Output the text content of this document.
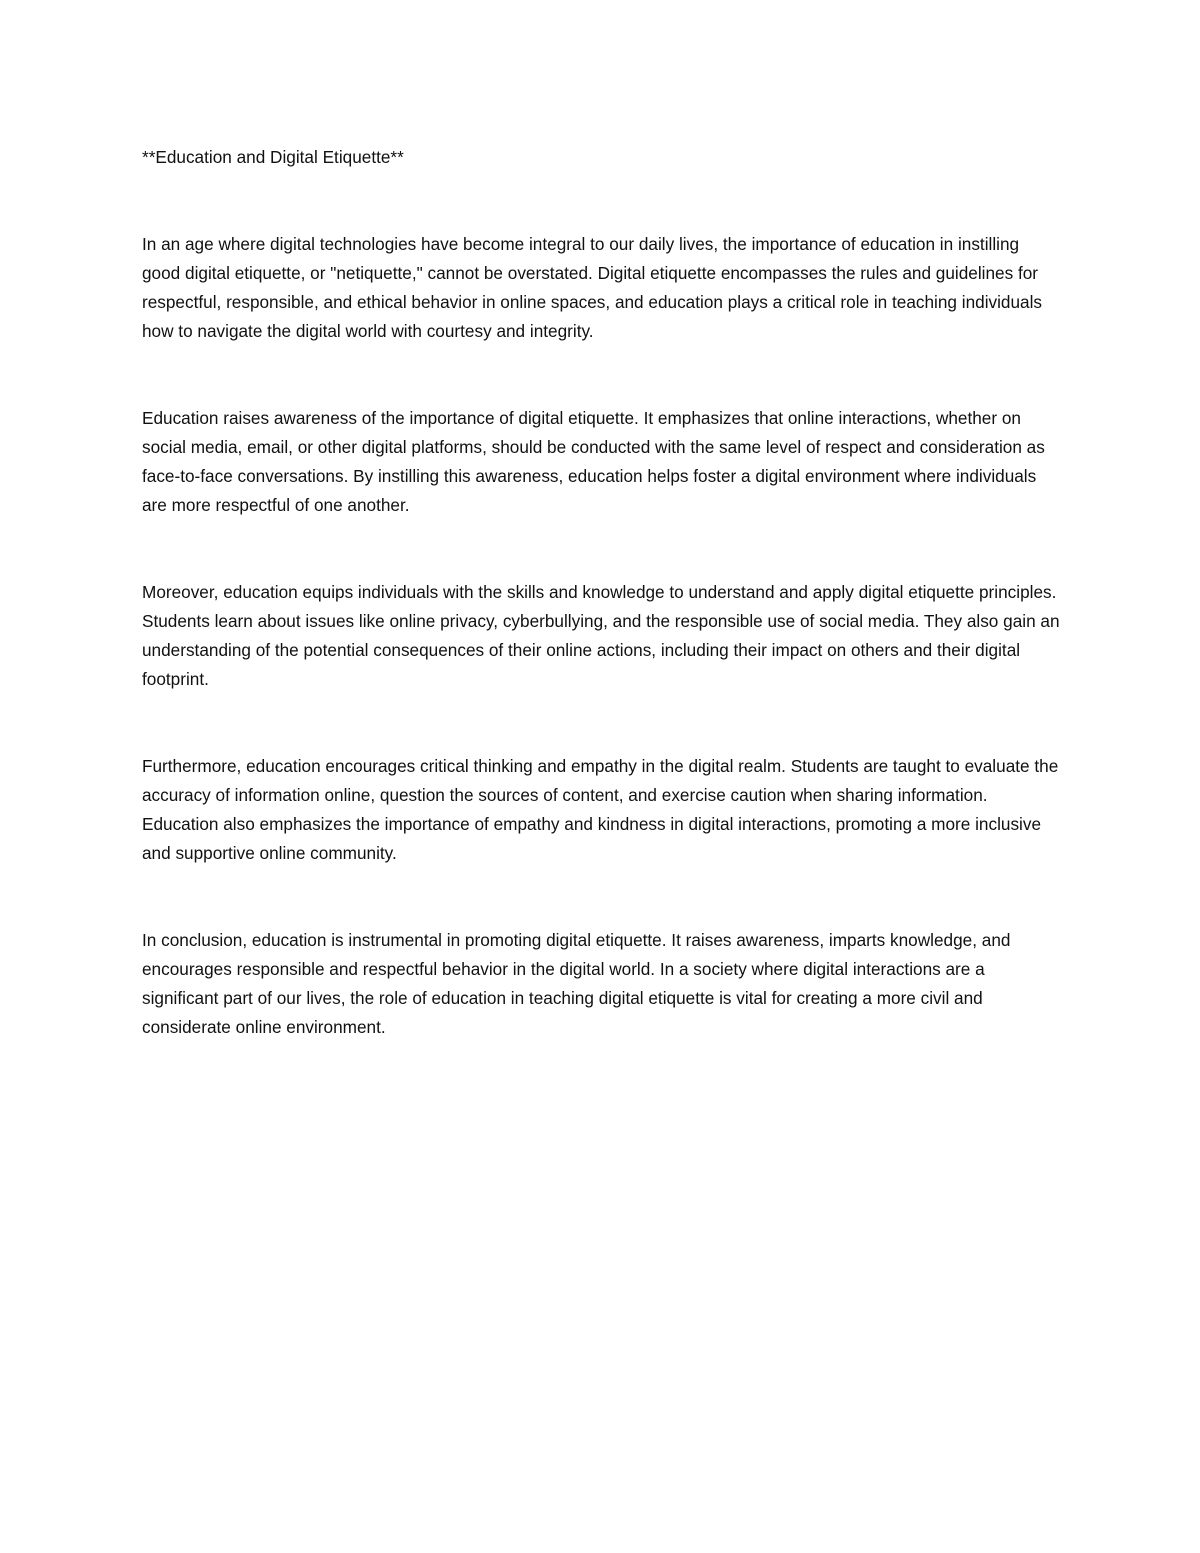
**Education and Digital Etiquette**

In an age where digital technologies have become integral to our daily lives, the importance of education in instilling good digital etiquette, or "netiquette," cannot be overstated. Digital etiquette encompasses the rules and guidelines for respectful, responsible, and ethical behavior in online spaces, and education plays a critical role in teaching individuals how to navigate the digital world with courtesy and integrity.

Education raises awareness of the importance of digital etiquette. It emphasizes that online interactions, whether on social media, email, or other digital platforms, should be conducted with the same level of respect and consideration as face-to-face conversations. By instilling this awareness, education helps foster a digital environment where individuals are more respectful of one another.

Moreover, education equips individuals with the skills and knowledge to understand and apply digital etiquette principles. Students learn about issues like online privacy, cyberbullying, and the responsible use of social media. They also gain an understanding of the potential consequences of their online actions, including their impact on others and their digital footprint.

Furthermore, education encourages critical thinking and empathy in the digital realm. Students are taught to evaluate the accuracy of information online, question the sources of content, and exercise caution when sharing information. Education also emphasizes the importance of empathy and kindness in digital interactions, promoting a more inclusive and supportive online community.

In conclusion, education is instrumental in promoting digital etiquette. It raises awareness, imparts knowledge, and encourages responsible and respectful behavior in the digital world. In a society where digital interactions are a significant part of our lives, the role of education in teaching digital etiquette is vital for creating a more civil and considerate online environment.
